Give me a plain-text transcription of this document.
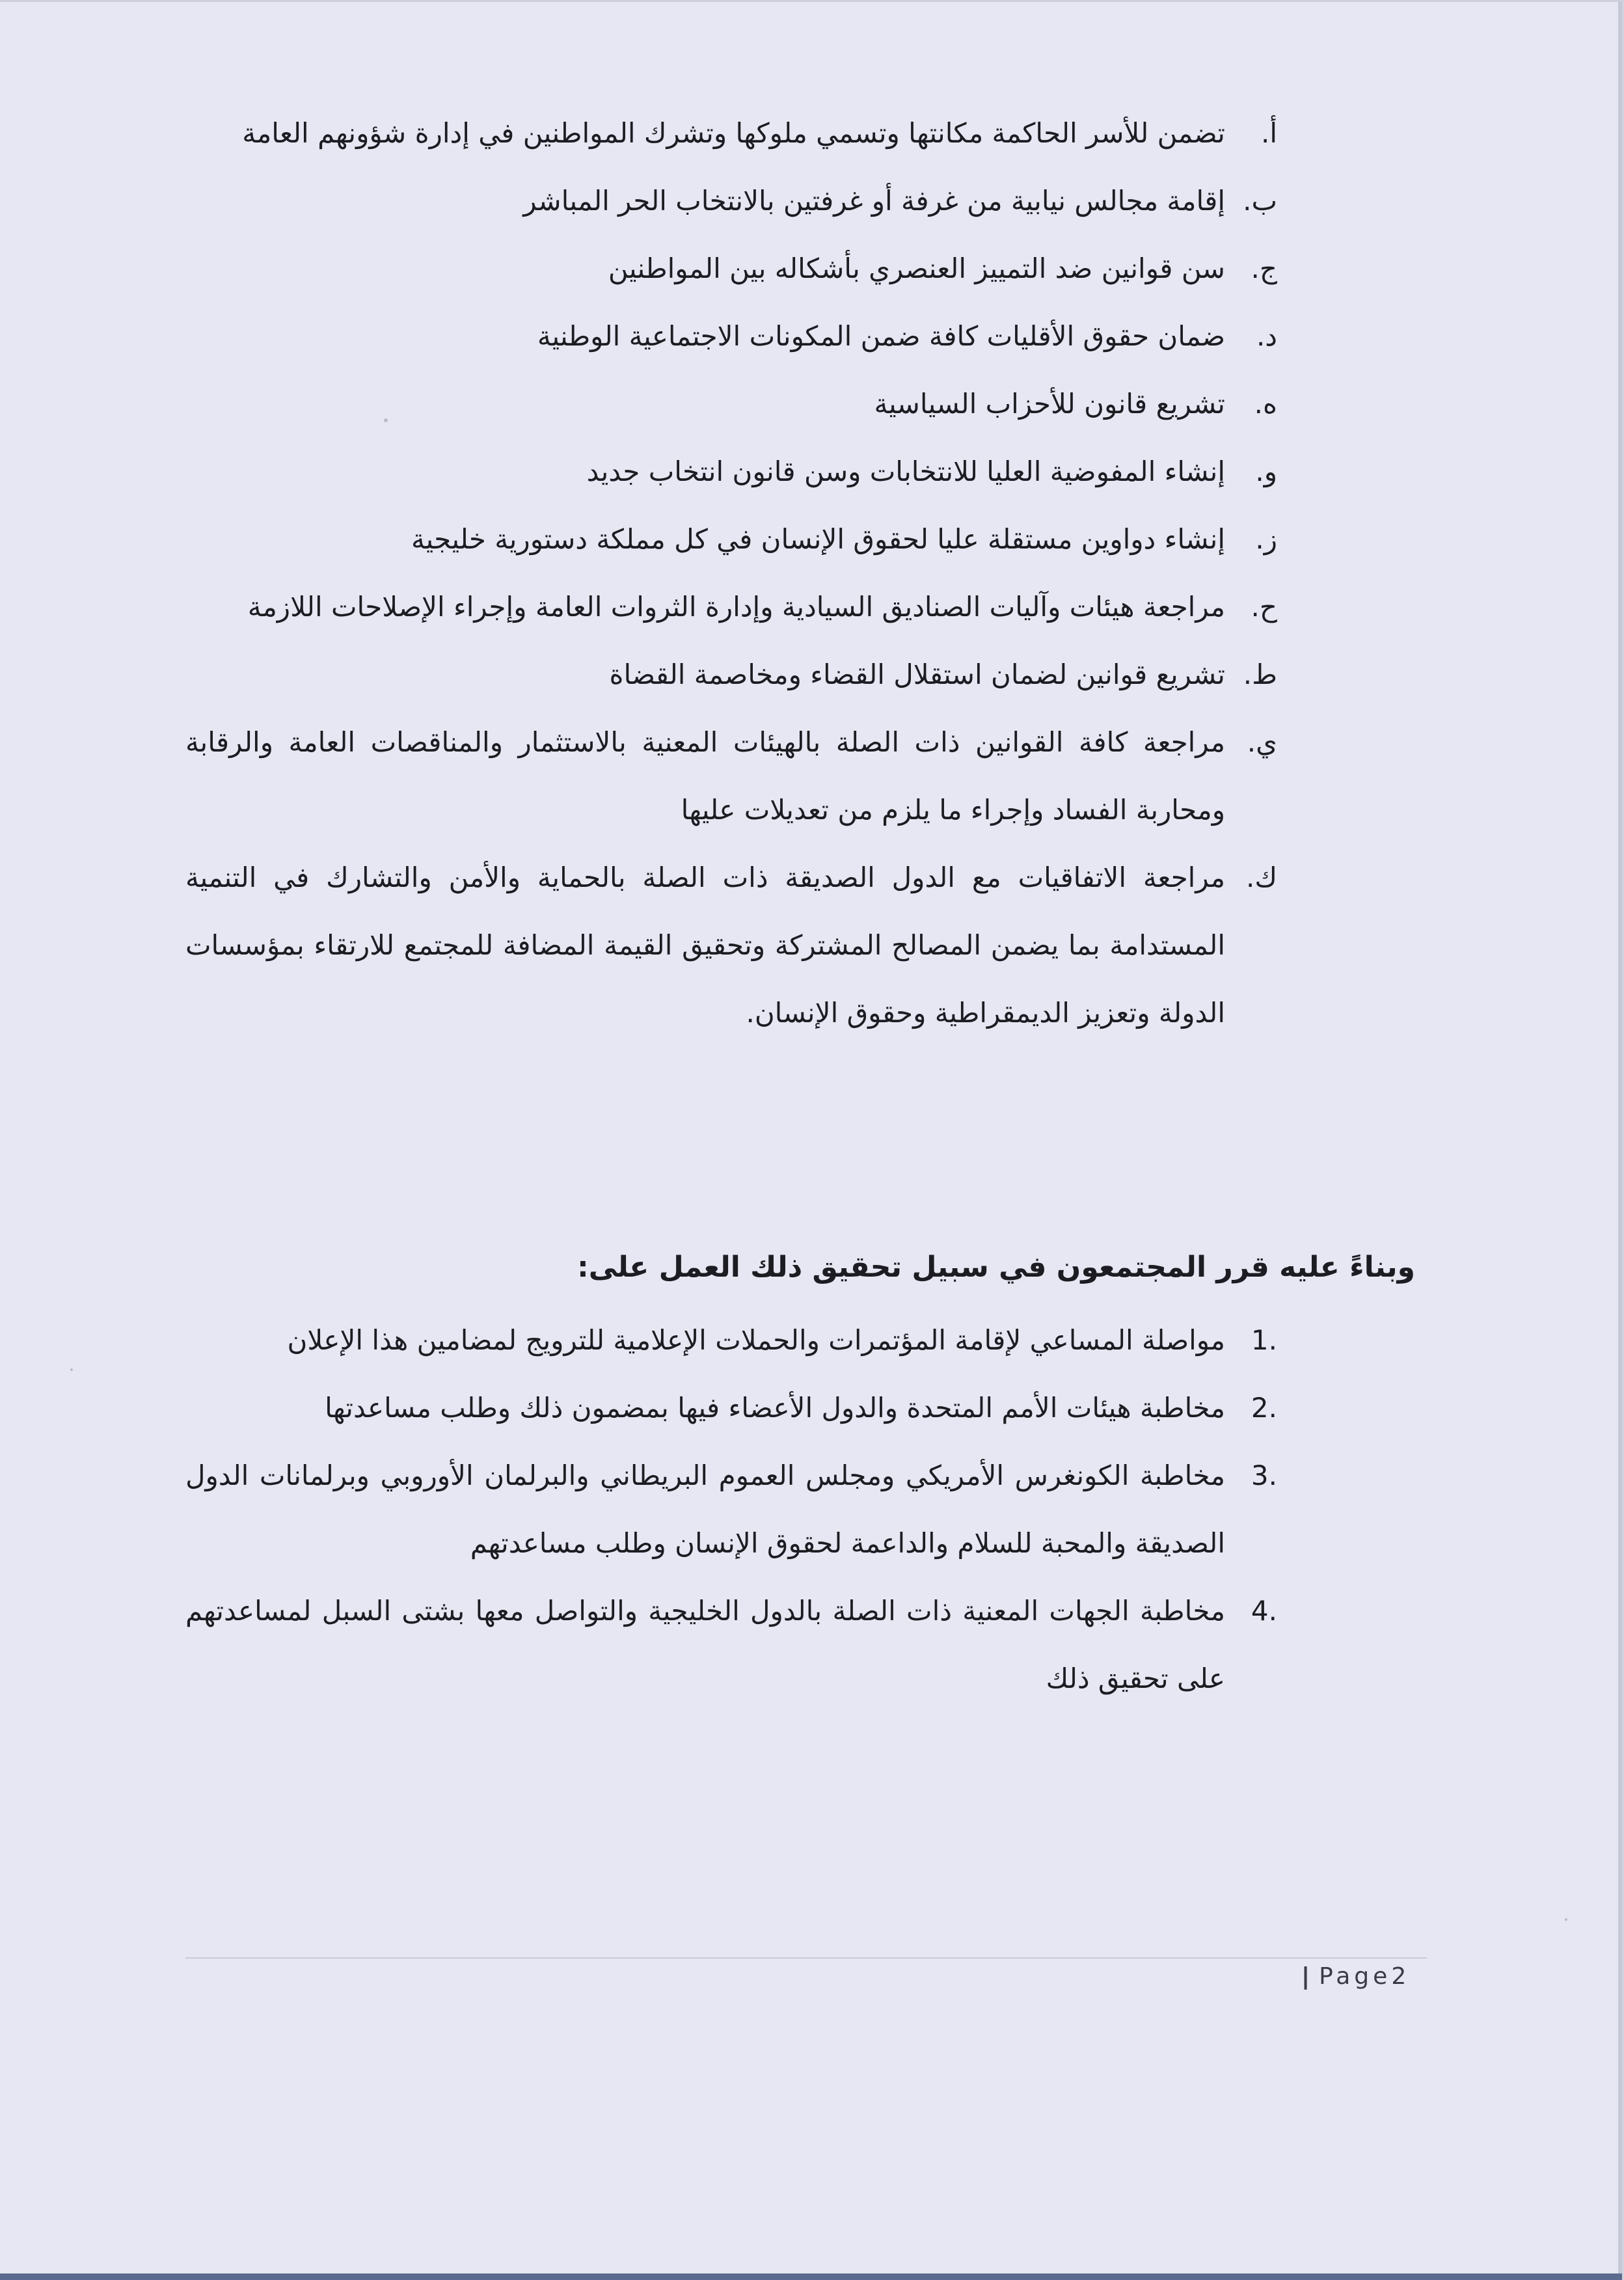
أ.
تضمن للأسر الحاكمة مكانتها وتسمي ملوكها وتشرك المواطنين في إدارة شؤونهم العامة
ب.
إقامة مجالس نيابية من غرفة أو غرفتين بالانتخاب الحر المباشر
ج.
سن قوانين ضد التمييز العنصري بأشكاله بين المواطنين
د.
ضمان حقوق الأقليات كافة ضمن المكونات الاجتماعية الوطنية
ه.
تشريع قانون للأحزاب السياسية
و.
إنشاء المفوضية العليا للانتخابات وسن قانون انتخاب جديد
ز.
إنشاء دواوين مستقلة عليا لحقوق الإنسان في كل مملكة دستورية خليجية
ح.
مراجعة هيئات وآليات الصناديق السيادية وإدارة الثروات العامة وإجراء الإصلاحات اللازمة
ط.
تشريع قوانين لضمان استقلال القضاء ومخاصمة القضاة
ي.
مراجعة كافة القوانين ذات الصلة بالهيئات المعنية بالاستثمار والمناقصات العامة والرقابة ومحاربة الفساد وإجراء ما يلزم من تعديلات عليها
ك.
مراجعة الاتفاقيات مع الدول الصديقة ذات الصلة بالحماية والأمن والتشارك في التنمية المستدامة بما يضمن المصالح المشتركة وتحقيق القيمة المضافة للمجتمع للارتقاء بمؤسسات الدولة وتعزيز الديمقراطية وحقوق الإنسان.
وبناءً عليه قرر المجتمعون في سبيل تحقيق ذلك العمل على:
.1
مواصلة المساعي لإقامة المؤتمرات والحملات الإعلامية للترويج لمضامين هذا الإعلان
.2
مخاطبة هيئات الأمم المتحدة والدول الأعضاء فيها بمضمون ذلك وطلب مساعدتها
.3
مخاطبة الكونغرس الأمريكي ومجلس العموم البريطاني والبرلمان الأوروبي وبرلمانات الدول الصديقة والمحبة للسلام والداعمة لحقوق الإنسان وطلب مساعدتهم
.4
مخاطبة الجهات المعنية ذات الصلة بالدول الخليجية والتواصل معها بشتى السبل لمساعدتهم على تحقيق ذلك
| Page2
